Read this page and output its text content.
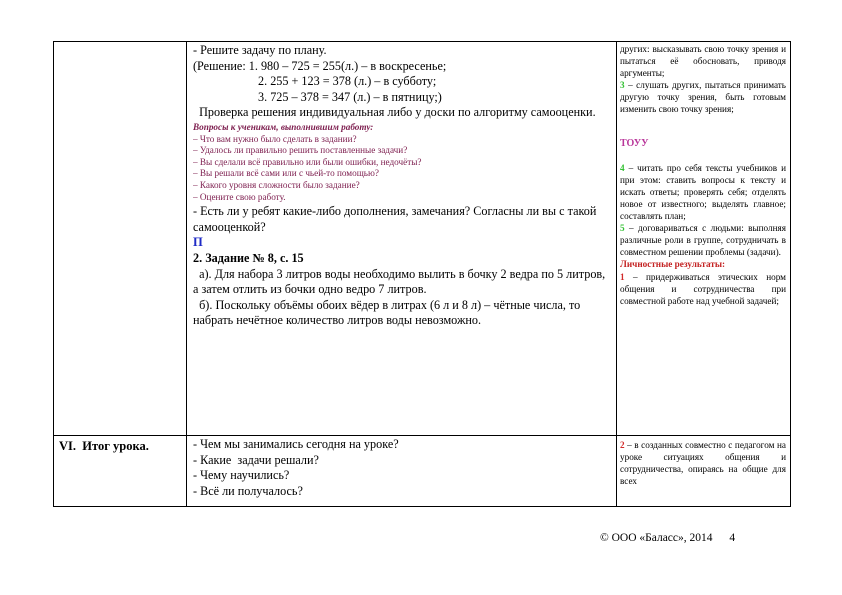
- Решите задачу по плану.

(Решение: 1. 980 – 725 = 255(л.) – в воскресенье;

2. 255 + 123 = 378 (л.) – в субботу;

3. 725 – 378 = 347 (л.) – в пятницу;)

Проверка решения индивидуальная либо у доски по алгоритму самооценки.

Вопросы к ученикам, выполнившим работу:

– Что вам нужно было сделать в задании?

– Удалось ли правильно решить поставленные задачи?

– Вы сделали всё правильно или были ошибки, недочёты?

– Вы решали всё сами или с чьей-то помощью?

– Какого уровня сложности было задание?

– Оцените свою работу.

- Есть ли у ребят какие-либо дополнения, замечания? Согласны ли вы с такой самооценкой?

П

2. Задание № 8, с. 15

а). Для набора 3 литров воды необходимо вылить в бочку 2 ведра по 5 литров, а затем отлить из бочки одно ведро 7 литров.

б). Поскольку объёмы обоих вёдер в литрах (6 л и 8 л) – чётные числа, то набрать нечётное количество литров воды невозможно.

других: высказывать свою точку зрения и пытаться её обосновать, приводя аргументы;

3 – слушать других, пытаться принимать другую точку зрения, быть готовым изменить свою точку зрения;

ТОУУ

4 – читать про себя тексты учебников и при этом: ставить вопросы к тексту и искать ответы; проверять себя; отделять новое от известного; выделять главное; составлять план;

5 – договариваться с людьми: выполняя различные роли в группе, сотрудничать в совместном решении проблемы (задачи).

Личностные результаты:

1 – придерживаться этических норм общения и сотрудничества при совместной работе над учебной задачей;

VI.  Итог урока.	- Чем мы занимались сегодня на уроке?

- Какие  задачи решали?

- Чему научились?

- Всё ли получалось?

2 – в созданных совместно с педагогом на уроке ситуациях общения и сотрудничества, опираясь на общие для всех

© ООО «Баласс», 2014 4
